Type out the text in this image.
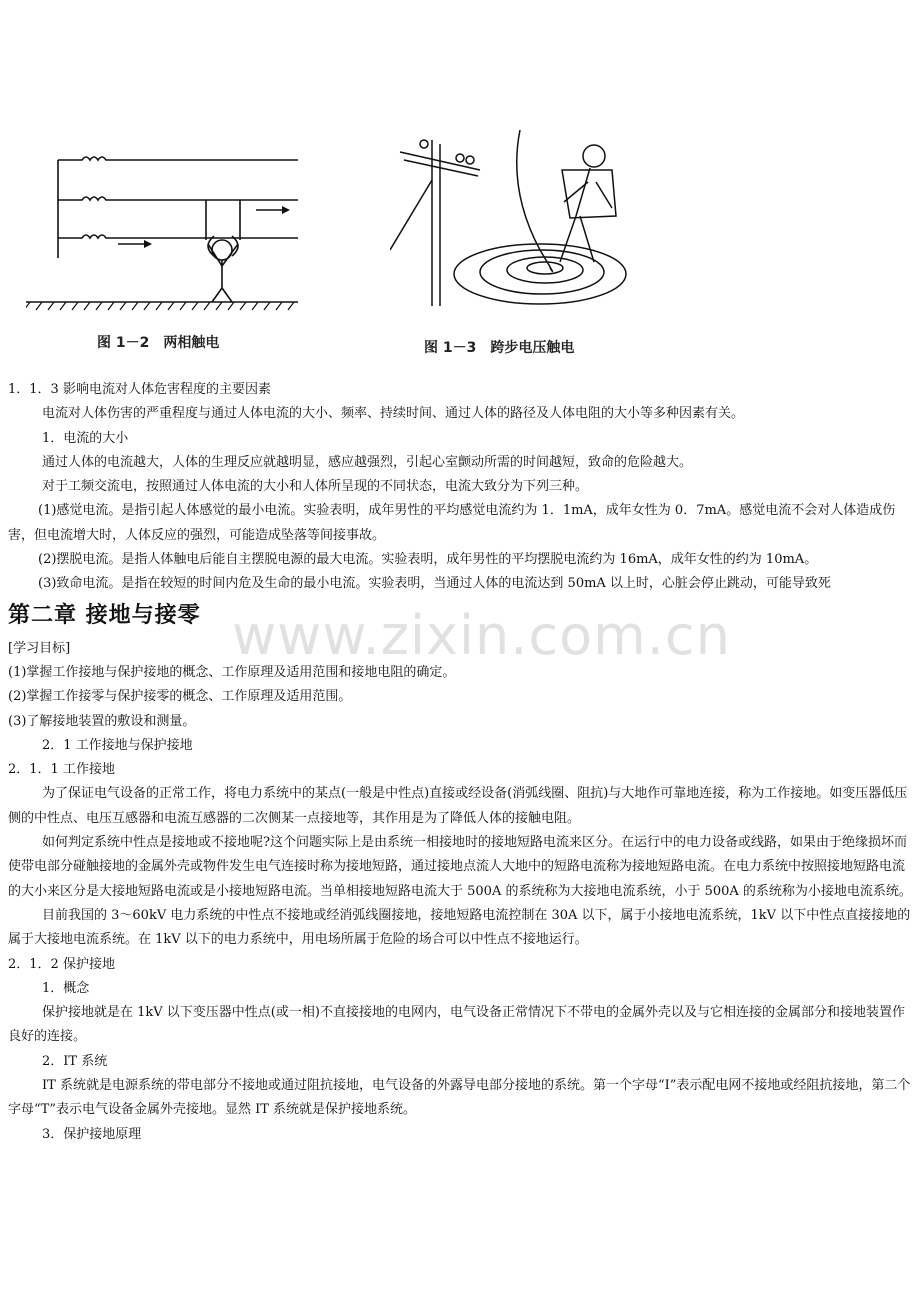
图 1－2　两相触电	图 1－3　跨步电压触电
www.zixin.com.cn

1．1．3 影响电流对人体危害程度的主要因素

电流对人体伤害的严重程度与通过人体电流的大小、频率、持续时间、通过人体的路径及人体电阻的大小等多种因素有关。

1．电流的大小

通过人体的电流越大，人体的生理反应就越明显，感应越强烈，引起心室颤动所需的时间越短，致命的危险越大。

对于工频交流电，按照通过人体电流的大小和人体所呈现的不同状态，电流大致分为下列三种。

(1)感觉电流。是指引起人体感觉的最小电流。实验表明，成年男性的平均感觉电流约为 1．1mA，成年女性为 0．7mA。感觉电流不会对人体造成伤害，但电流增大时，人体反应的强烈，可能造成坠落等间接事故。

(2)摆脱电流。是指人体触电后能自主摆脱电源的最大电流。实验表明，成年男性的平均摆脱电流约为 16mA，成年女性的约为 10mA。

(3)致命电流。是指在较短的时间内危及生命的最小电流。实验表明，当通过人体的电流达到 50mA 以上时，心脏会停止跳动，可能导致死

第二章 接地与接零

[学习目标]

(1)掌握工作接地与保护接地的概念、工作原理及适用范围和接地电阻的确定。

(2)掌握工作接零与保护接零的概念、工作原理及适用范围。

(3)了解接地装置的敷设和测量。

2．1 工作接地与保护接地

2．1．1 工作接地

为了保证电气设备的正常工作，将电力系统中的某点(一般是中性点)直接或经设备(消弧线圈、阻抗)与大地作可靠地连接，称为工作接地。如变压器低压侧的中性点、电压互感器和电流互感器的二次侧某一点接地等，其作用是为了降低人体的接触电阻。

如何判定系统中性点是接地或不接地呢?这个问题实际上是由系统一相接地时的接地短路电流来区分。在运行中的电力设备或线路，如果由于绝缘损坏而使带电部分碰触接地的金属外壳或物件发生电气连接时称为接地短路，通过接地点流人大地中的短路电流称为接地短路电流。在电力系统中按照接地短路电流的大小来区分是大接地短路电流或是小接地短路电流。当单相接地短路电流大于 500A 的系统称为大接地电流系统，小于 500A 的系统称为小接地电流系统。

目前我国的 3～60kV 电力系统的中性点不接地或经消弧线圈接地，接地短路电流控制在 30A 以下，属于小接地电流系统，1kV 以下中性点直接接地的属于大接地电流系统。在 1kV 以下的电力系统中，用电场所属于危险的场合可以中性点不接地运行。

2．1．2 保护接地

1．概念

保护接地就是在 1kV 以下变压器中性点(或一相)不直接接地的电网内，电气设备正常情况下不带电的金属外壳以及与它相连接的金属部分和接地装置作良好的连接。

2．IT 系统

IT 系统就是电源系统的带电部分不接地或通过阻抗接地，电气设备的外露导电部分接地的系统。第一个字母“I”表示配电网不接地或经阻抗接地，第二个字母“T”表示电气设备金属外壳接地。显然 IT 系统就是保护接地系统。

3．保护接地原理
